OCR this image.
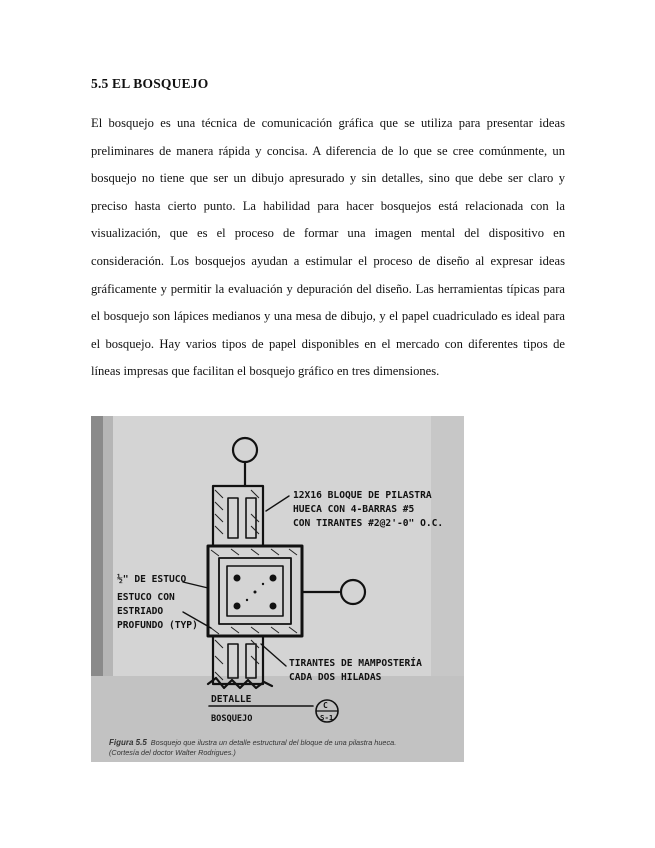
5.5 EL BOSQUEJO
El bosquejo es una técnica de comunicación gráfica que se utiliza para presentar ideas preliminares de manera rápida y concisa. A diferencia de lo que se cree comúnmente, un bosquejo no tiene que ser un dibujo apresurado y sin detalles, sino que debe ser claro y preciso hasta cierto punto. La habilidad para hacer bosquejos está relacionada con la visualización, que es el proceso de formar una imagen mental del dispositivo en consideración. Los bosquejos ayudan a estimular el proceso de diseño al expresar ideas gráficamente y permitir la evaluación y depuración del diseño. Las herramientas típicas para el bosquejo son lápices medianos y una mesa de dibujo, y el papel cuadriculado es ideal para el bosquejo. Hay varios tipos de papel disponibles en el mercado con diferentes tipos de líneas impresas que facilitan el bosquejo gráfico en tres dimensiones.
12X16 BLOQUE DE PILASTRA
HUECA CON 4-BARRAS #5
CON TIRANTES #2@2'-0" O.C.
½" DE ESTUCO
ESTUCO CON
ESTRIADO
PROFUNDO (TYP)
TIRANTES DE MAMPOSTERÍA
CADA DOS HILADAS
DETALLE
BOSQUEJO
C
S-1
Figura 5.5 Bosquejo que ilustra un detalle estructural del bloque de una pilastra hueca.
(Cortesía del doctor Walter Rodrigues.)
